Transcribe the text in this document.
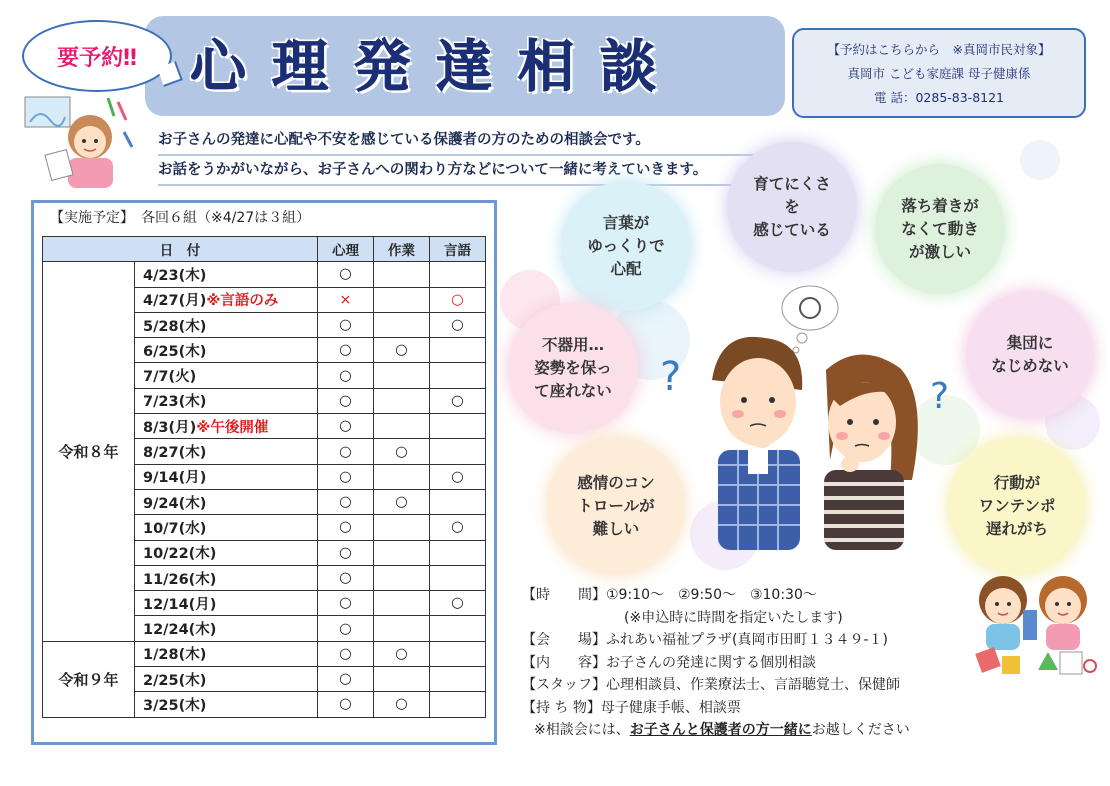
心理発達相談
要予約‼	【予約はこちらから　※真岡市民対象】
真岡市 こども家庭課 母子健康係
電 話：0285-83-8121
お子さんの発達に心配や不安を感じている保護者の方のための相談会です。
お話をうかがいながら、お子さんへの関わり方などについて一緒に考えていきます。
【実施予定】　各回６組（※4/27は３組）
日　付		心理	作業	言語
令和８年	4/23(木)	○		
	4/27(月)※言語のみ	×		○
	5/28(木)	○		○
	6/25(木)	○	○	
	7/7(火)	○		
	7/23(木)	○		○
	8/3(月)※午後開催	○		
	8/27(木)	○	○	
	9/14(月)	○		○
	9/24(木)	○	○	
	10/7(水)	○		○
	10/22(木)	○		
	11/26(木)	○		
	12/14(月)	○		○
	12/24(木)	○		
令和９年	1/28(木)	○	○	
	2/25(木)	○		
	3/25(木)	○	○	
言葉が
ゆっくりで
心配
育てにくさ
を
感じている
落ち着きが
なくて動き
が激しい
不器用…
姿勢を保っ
て座れない
集団に
なじめない
感情のコン
トロールが
難しい
行動が
ワンテンポ
遅れがち
?	?
【時　　間】①9:10～　②9:50～　③10:30～
(※申込時に時間を指定いたします)
【会　　場】ふれあい福祉プラザ(真岡市田町１３４９-１)
【内　　容】お子さんの発達に関する個別相談
【スタッフ】心理相談員、作業療法士、言語聴覚士、保健師
【持 ち 物】母子健康手帳、相談票
※相談会には、お子さんと保護者の方一緒にお越しください
